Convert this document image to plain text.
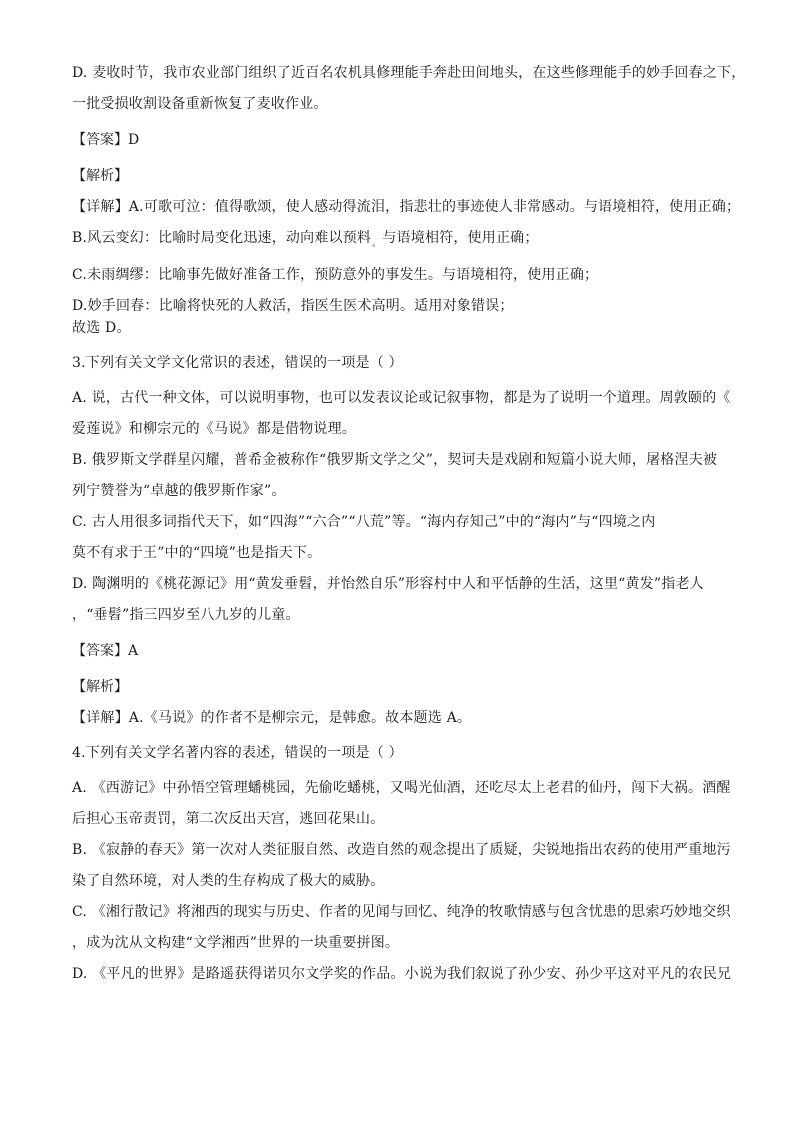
D. 麦收时节，我市农业部门组织了近百名农机具修理能手奔赴田间地头，在这些修理能手的妙手回春之下，
一批受损收割设备重新恢复了麦收作业。
【答案】D
【解析】
【详解】A.可歌可泣：值得歌颂，使人感动得流泪，指悲壮的事迹使人非常感动。与语境相符，使用正确；
B.风云变幻：比喻时局变化迅速，动向难以预料。与语境相符，使用正确；
C.未雨绸缪：比喻事先做好准备工作，预防意外的事发生。与语境相符，使用正确；
D.妙手回春：比喻将快死的人救活，指医生医术高明。适用对象错误；
故选 D。
3.下列有关文学文化常识的表述，错误的一项是（ ）
A. 说，古代一种文体，可以说明事物，也可以发表议论或记叙事物，都是为了说明一个道理。周敦颐的《
爱莲说》和柳宗元的《马说》都是借物说理。
B. 俄罗斯文学群星闪耀，普希金被称作“俄罗斯文学之父”，契诃夫是戏剧和短篇小说大师，屠格涅夫被
列宁赞誉为“卓越的俄罗斯作家”。
C. 古人用很多词指代天下，如“四海”“六合”“八荒”等。“海内存知己”中的“海内”与“四境之内
莫不有求于王”中的“四境”也是指天下。
D. 陶渊明的《桃花源记》用“黄发垂髫，并怡然自乐”形容村中人和平恬静的生活，这里“黄发”指老人
，“垂髫”指三四岁至八九岁的儿童。
【答案】A
【解析】
【详解】A.《马说》的作者不是柳宗元，是韩愈。故本题选 A。
4.下列有关文学名著内容的表述，错误的一项是（ ）
A. 《西游记》中孙悟空管理蟠桃园，先偷吃蟠桃，又喝光仙酒，还吃尽太上老君的仙丹，闯下大祸。酒醒
后担心玉帝责罚，第二次反出天宫，逃回花果山。
B. 《寂静的春天》第一次对人类征服自然、改造自然的观念提出了质疑，尖锐地指出农药的使用严重地污
染了自然环境，对人类的生存构成了极大的威胁。
C. 《湘行散记》将湘西的现实与历史、作者的见闻与回忆、纯净的牧歌情感与包含忧患的思索巧妙地交织
，成为沈从文构建“文学湘西”世界的一块重要拼图。
D. 《平凡的世界》是路遥获得诺贝尔文学奖的作品。小说为我们叙说了孙少安、孙少平这对平凡的农民兄
